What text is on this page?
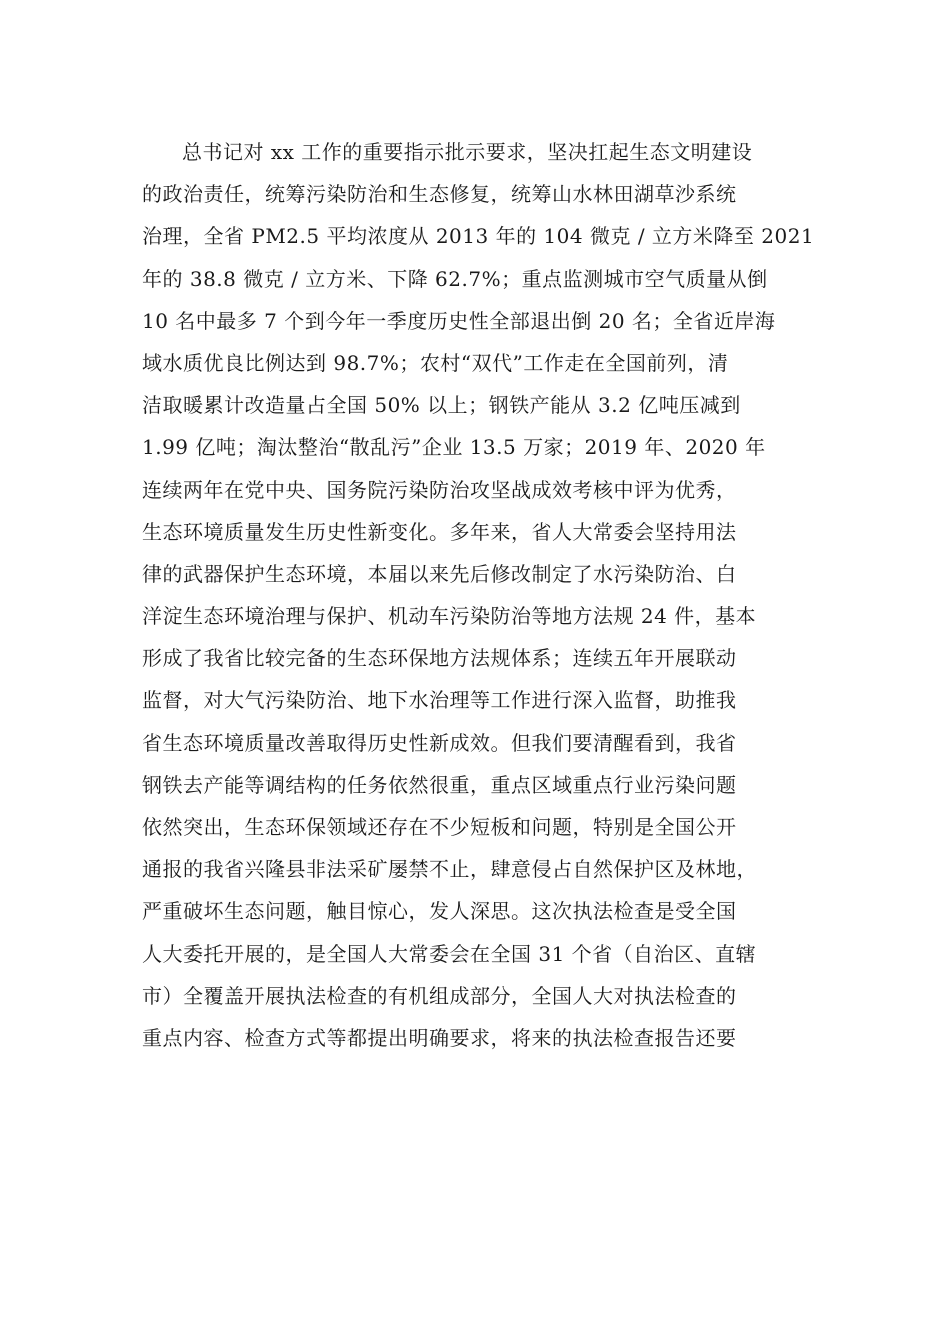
总书记对 xx 工作的重要指示批示要求，坚决扛起生态文明建设
的政治责任，统筹污染防治和生态修复，统筹山水林田湖草沙系统
治理，全省 PM2.5 平均浓度从 2013 年的 104 微克 / 立方米降至 2021
年的 38.8 微克 / 立方米、下降 62.7%；重点监测城市空气质量从倒
10 名中最多 7 个到今年一季度历史性全部退出倒 20 名；全省近岸海
域水质优良比例达到 98.7%；农村“双代”工作走在全国前列，清
洁取暖累计改造量占全国 50% 以上；钢铁产能从 3.2 亿吨压减到
1.99 亿吨；淘汰整治“散乱污”企业 13.5 万家；2019 年、2020 年
连续两年在党中央、国务院污染防治攻坚战成效考核中评为优秀，
生态环境质量发生历史性新变化。多年来，省人大常委会坚持用法
律的武器保护生态环境，本届以来先后修改制定了水污染防治、白
洋淀生态环境治理与保护、机动车污染防治等地方法规 24 件，基本
形成了我省比较完备的生态环保地方法规体系；连续五年开展联动
监督，对大气污染防治、地下水治理等工作进行深入监督，助推我
省生态环境质量改善取得历史性新成效。但我们要清醒看到，我省
钢铁去产能等调结构的任务依然很重，重点区域重点行业污染问题
依然突出，生态环保领域还存在不少短板和问题，特别是全国公开
通报的我省兴隆县非法采矿屡禁不止，肆意侵占自然保护区及林地，
严重破坏生态问题，触目惊心，发人深思。这次执法检查是受全国
人大委托开展的，是全国人大常委会在全国 31 个省（自治区、直辖
市）全覆盖开展执法检查的有机组成部分，全国人大对执法检查的
重点内容、检查方式等都提出明确要求，将来的执法检查报告还要
